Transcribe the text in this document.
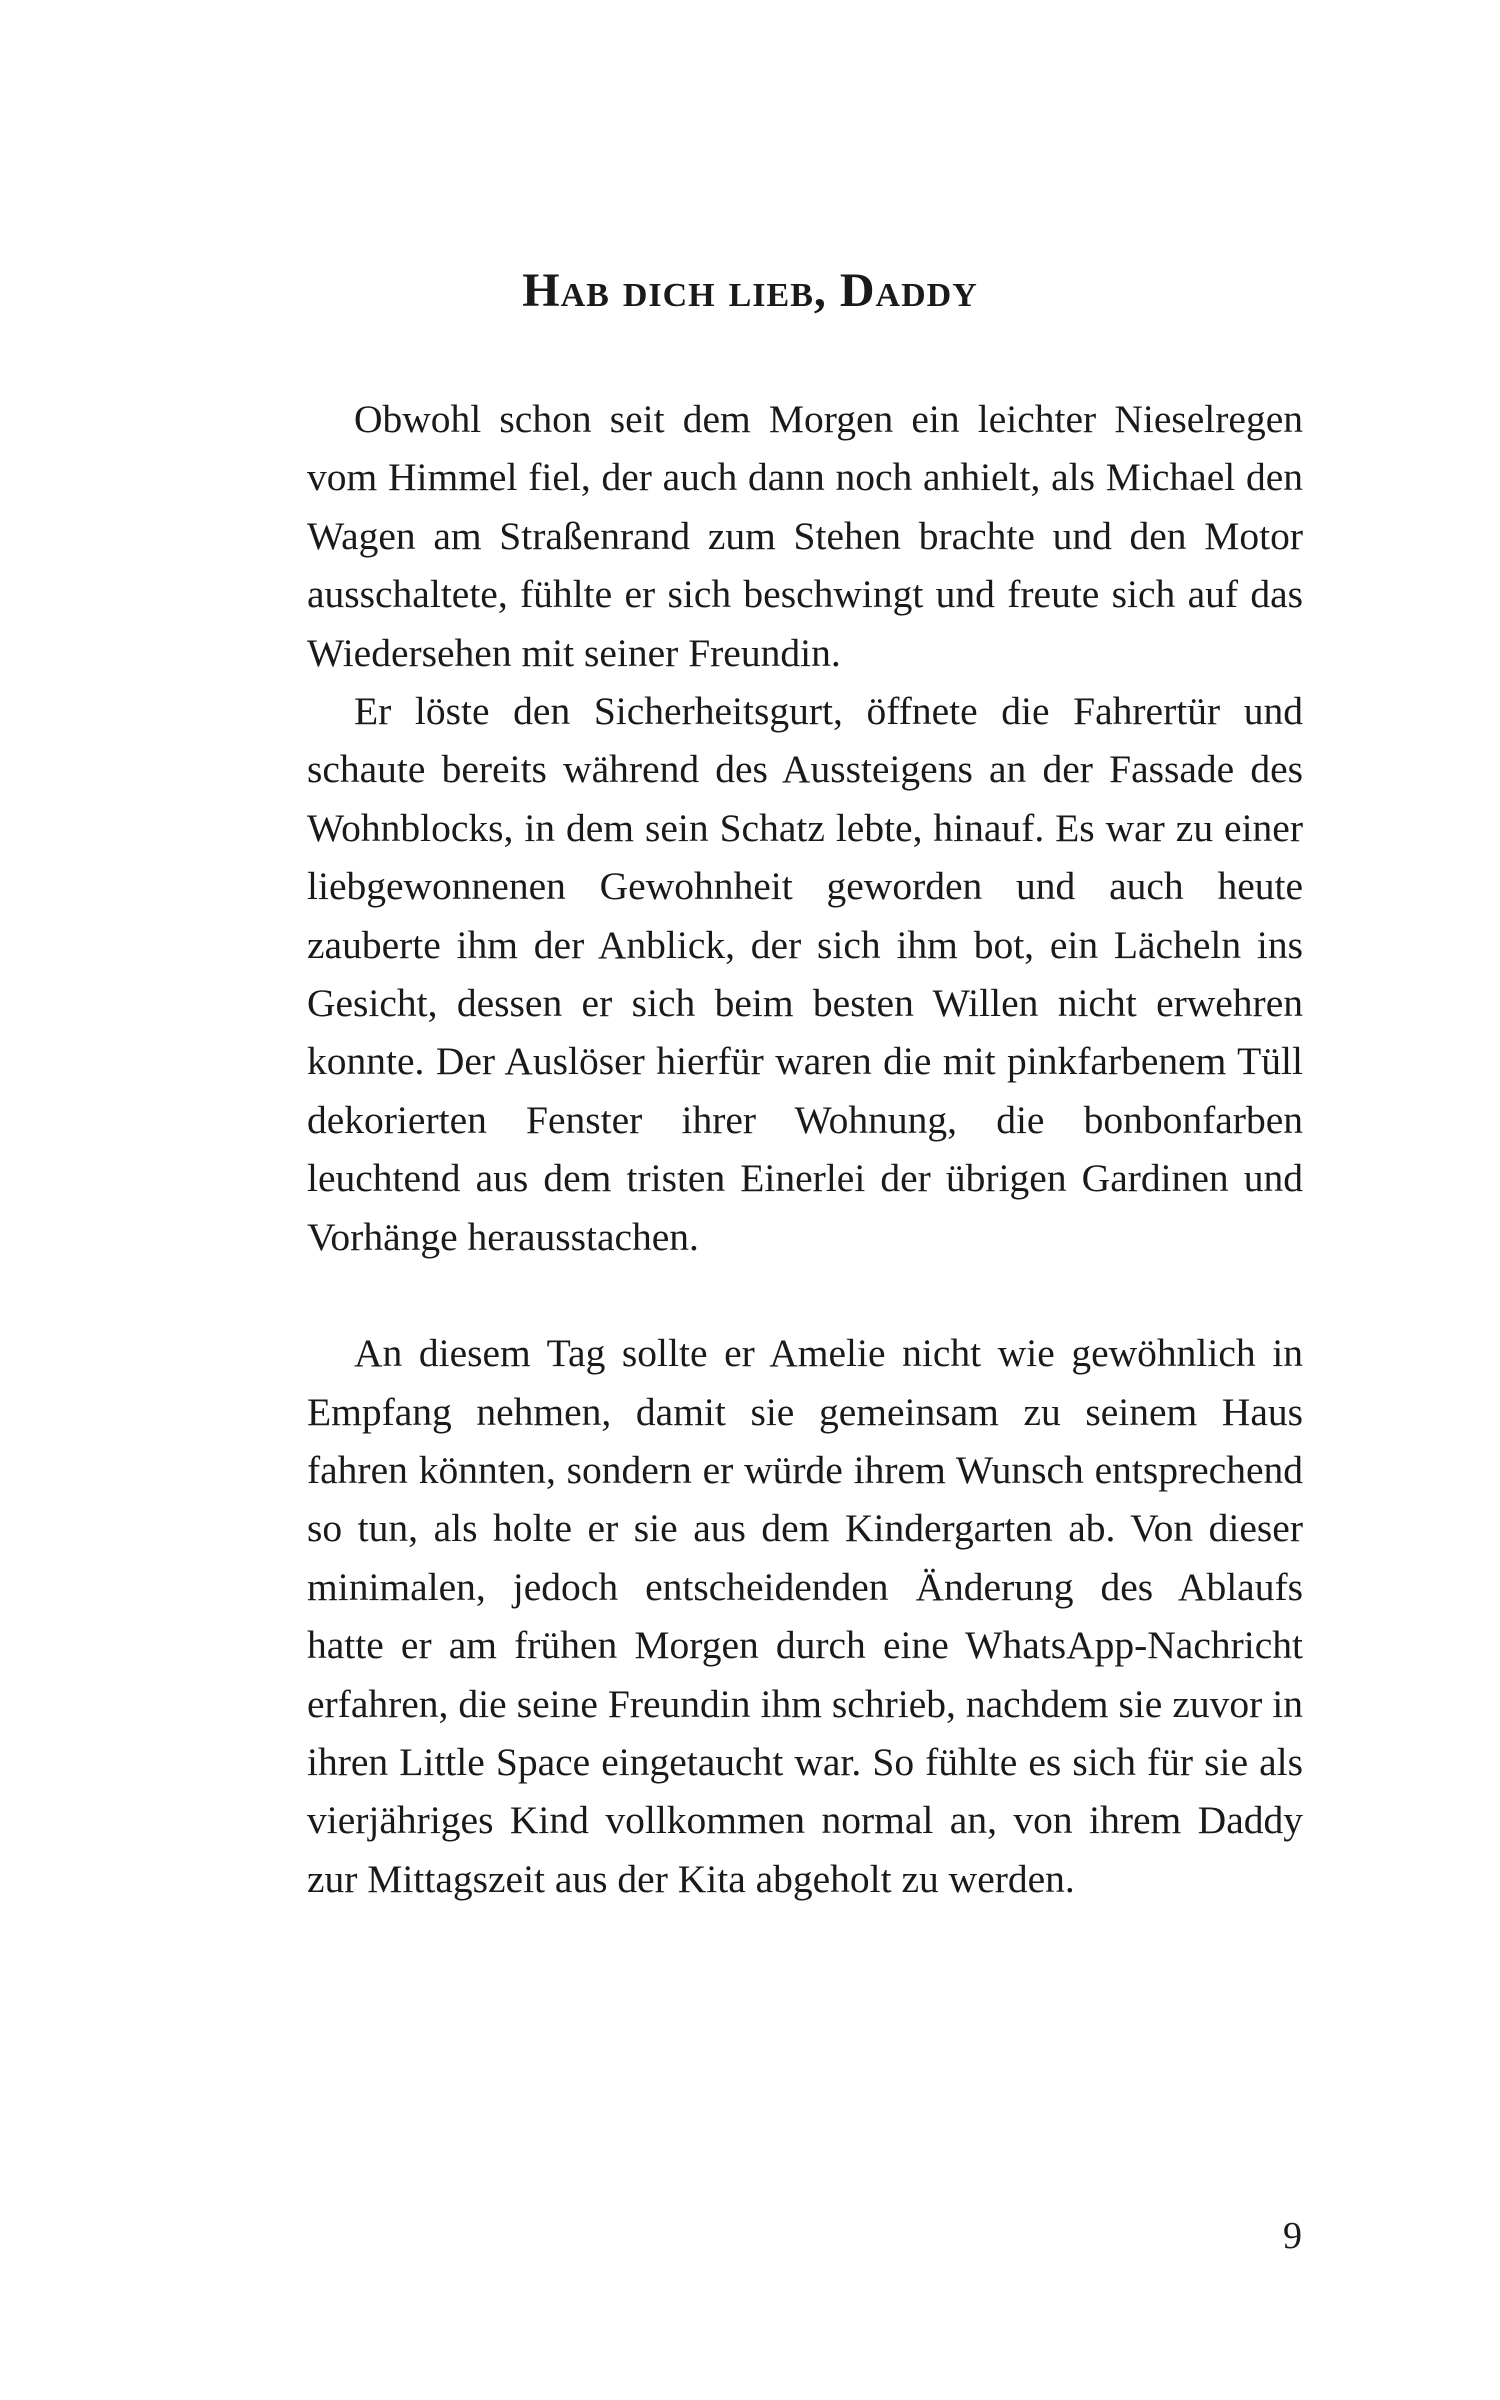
Hab dich lieb, Daddy

Obwohl schon seit dem Morgen ein leichter Nieselregen vom Himmel fiel, der auch dann noch anhielt, als Michael den Wagen am Straßenrand zum Stehen brachte und den Motor ausschaltete, fühlte er sich beschwingt und freute sich auf das Wiedersehen mit seiner Freundin.

Er löste den Sicherheitsgurt, öffnete die Fahrertür und schaute bereits während des Aussteigens an der Fassade des Wohnblocks, in dem sein Schatz lebte, hinauf. Es war zu einer liebgewonnenen Gewohnheit geworden und auch heute zauberte ihm der Anblick, der sich ihm bot, ein Lächeln ins Gesicht, dessen er sich beim besten Willen nicht erwehren konnte. Der Auslöser hierfür waren die mit pinkfarbenem Tüll dekorierten Fenster ihrer Wohnung, die bonbonfarben leuchtend aus dem tristen Einerlei der übrigen Gardinen und Vorhänge herausstachen.

An diesem Tag sollte er Amelie nicht wie gewöhnlich in Empfang nehmen, damit sie gemeinsam zu seinem Haus fahren könnten, sondern er würde ihrem Wunsch entsprechend so tun, als holte er sie aus dem Kindergarten ab. Von dieser minimalen, jedoch entscheidenden Änderung des Ablaufs hatte er am frühen Morgen durch eine WhatsApp-Nachricht erfahren, die seine Freundin ihm schrieb, nachdem sie zuvor in ihren Little Space eingetaucht war. So fühlte es sich für sie als vierjähriges Kind vollkommen normal an, von ihrem Daddy zur Mittagszeit aus der Kita abgeholt zu werden.

9
